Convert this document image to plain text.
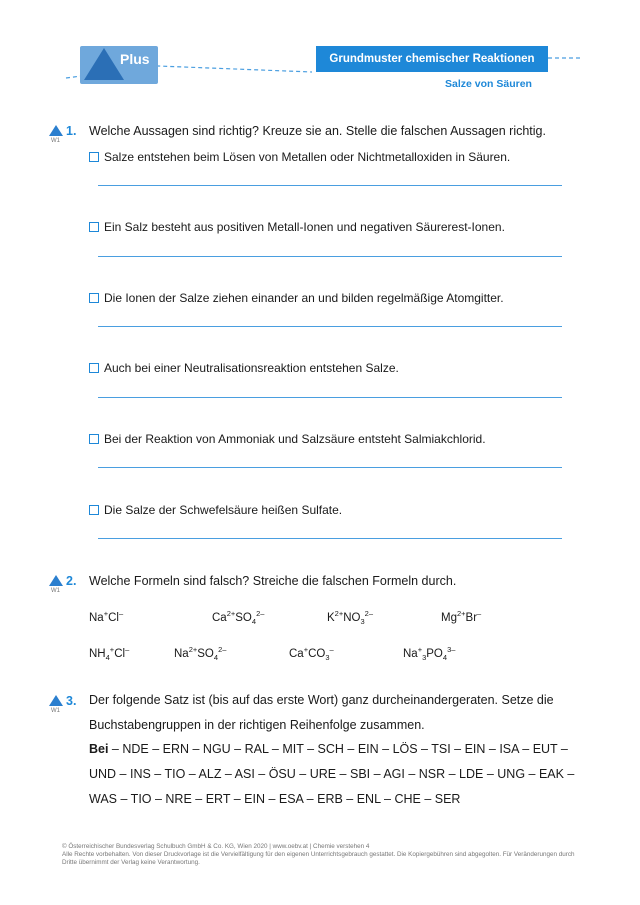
Plus	Grundmuster chemischer Reaktionen
Salze von Säuren
W1
1. Welche Aussagen sind richtig? Kreuze sie an. Stelle die falschen Aussagen richtig.
Salze entstehen beim Lösen von Metallen oder Nichtmetalloxiden in Säuren.
Ein Salz besteht aus positiven Metall-Ionen und negativen Säurerest-Ionen.
Die Ionen der Salze ziehen einander an und bilden regelmäßige Atomgitter.
Auch bei einer Neutralisationsreaktion entstehen Salze.
Bei der Reaktion von Ammoniak und Salzsäure entsteht Salmiakchlorid.
Die Salze der Schwefelsäure heißen Sulfate.
W1
2. Welche Formeln sind falsch? Streiche die falschen Formeln durch.
Na+Cl–	$Ca^{2+}SO_4^{2-}$	$K^{2+}NO_3^{2-}$	$Mg^{2+}Br^-$
$NH_4^+Cl^-$	$Na^{2+}SO_4^{2-}$	$Ca^+CO_3^-$	$Na^+_3PO_4^{3-}$
W1
3. Der folgende Satz ist (bis auf das erste Wort) ganz durcheinandergeraten. Setze die Buchstabengruppen in der richtigen Reihenfolge zusammen.
Bei – NDE – ERN – NGU – RAL – MIT – SCH – EIN – LÖS – TSI – EIN – ISA – EUT – UND – INS – TIO – ALZ – ASI – ÖSU – URE – SBI – AGI – NSR – LDE – UNG – EAK – WAS – TIO – NRE – ERT – EIN – ESA – ERB – ENL – CHE – SER
© Österreichischer Bundesverlag Schulbuch GmbH & Co. KG, Wien 2020 | www.oebv.at | Chemie verstehen 4
Alle Rechte vorbehalten. Von dieser Druckvorlage ist die Vervielfältigung für den eigenen Unterrichtsgebrauch gestattet. Die Kopiergebühren sind abgegolten. Für Veränderungen durch Dritte übernimmt der Verlag keine Verantwortung.
